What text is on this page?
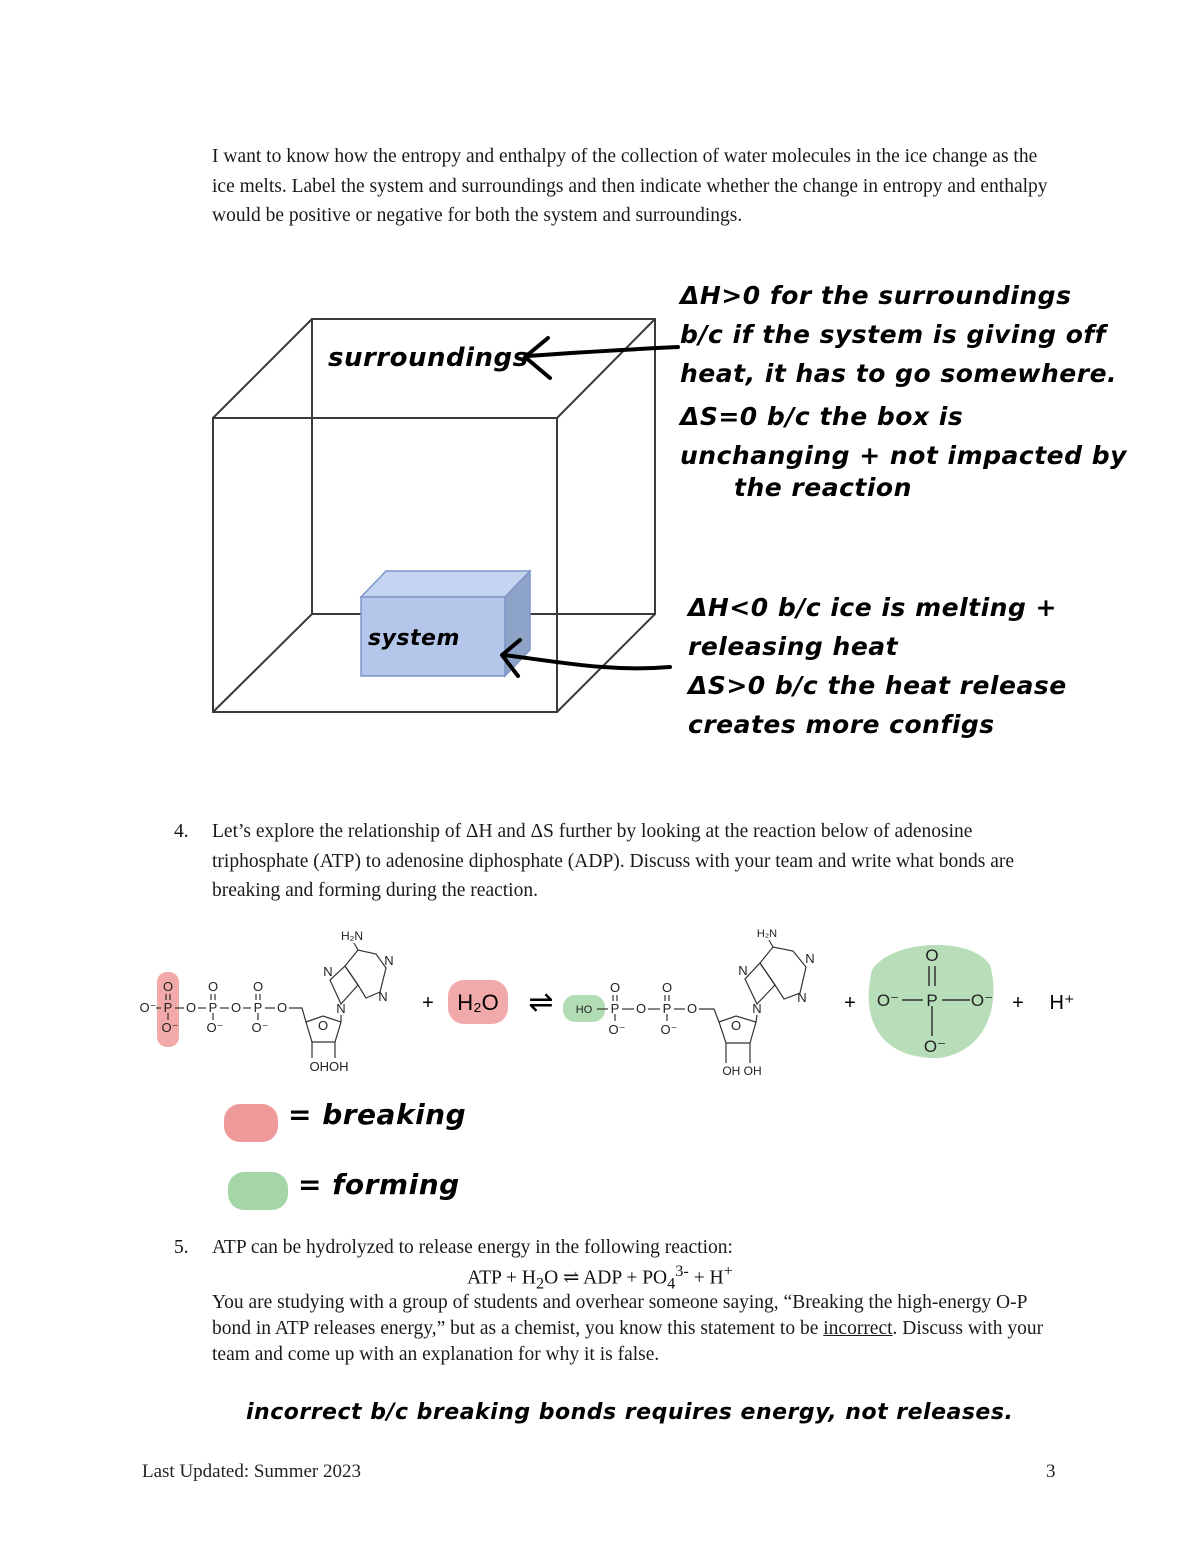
I want to know how the entropy and enthalpy of the collection of water molecules in the ice change as the ice melts. Label the system and surroundings and then indicate whether the change in entropy and enthalpy would be positive or negative for both the system and surroundings.
surroundings
system
ΔH>0 for the surroundings
b/c if the system is giving off
heat, it has to go somewhere.
ΔS=0 b/c the box is
unchanging + not impacted by
the reaction
ΔH<0 b/c ice is melting +
releasing heat
ΔS>0 b/c the heat release
creates more configs
4. Let’s explore the relationship of ΔH and ΔS further by looking at the reaction below of adenosine triphosphate (ATP) to adenosine diphosphate (ADP). Discuss with your team and write what bonds are breaking and forming during the reaction.
O⁻ P
O
O⁻
O P
O
O⁻
O P
O
O⁻
O
H₂N
N
N
N
N
O
OHOH
HO P
O
O⁻
O P
O
O⁻
O
H₂N
N
N
N
N
O
OH OH
O
O⁻ P O⁻
O⁻
+ H₂O ⇌	+	+ H⁺
= breaking
= forming
5. ATP can be hydrolyzed to release energy in the following reaction:
ATP + $H_2O$ ⇌ ADP + $PO_4^{3-} + H^+$
You are studying with a group of students and overhear someone saying, “Breaking the high-energy O-P bond in ATP releases energy,” but as a chemist, you know this statement to be incorrect. Discuss with your team and come up with an explanation for why it is false.
incorrect b/c breaking bonds requires energy, not releases.
Last Updated: Summer 2023	3
